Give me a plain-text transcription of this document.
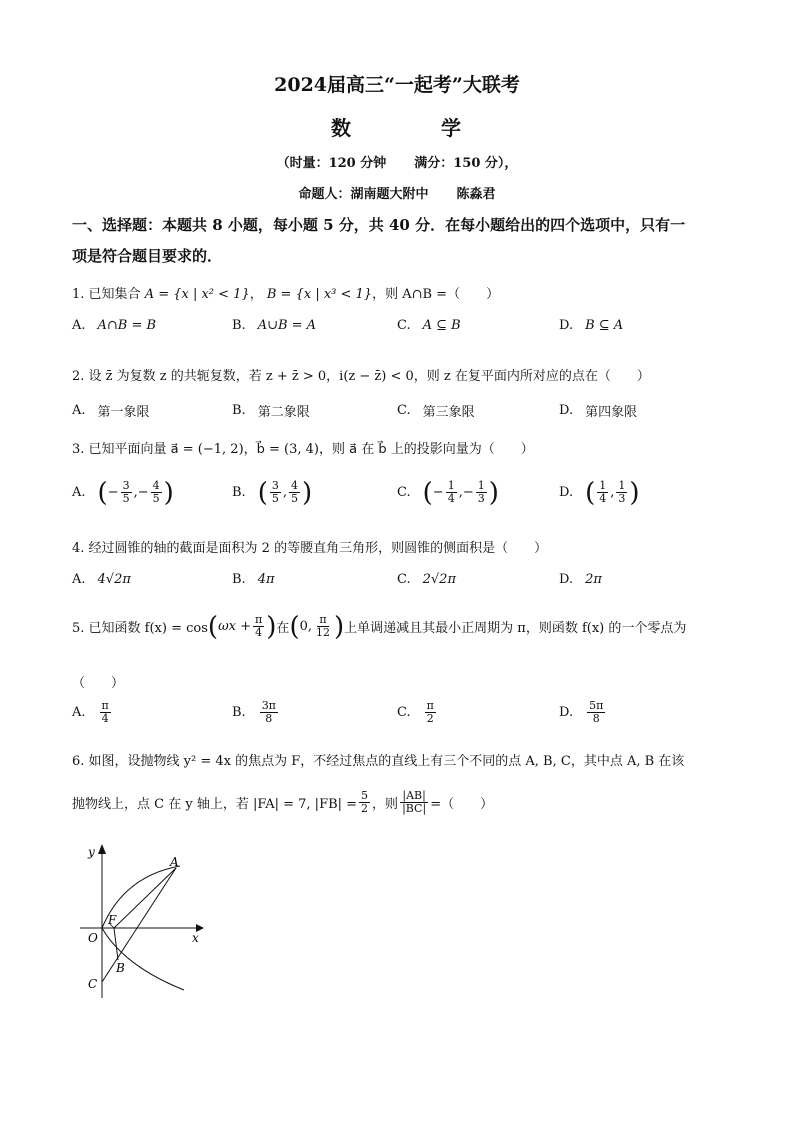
2024届高三“一起考”大联考
数	学
（时量：120 分钟 满分：150 分），
命题人：湖南题大附中 陈淼君
一、选择题：本题共 8 小题，每小题 5 分，共 40 分．在每小题给出的四个选项中，只有一
项是符合题目要求的．
1. 已知集合 A = {x | x² < 1}， B = {x | x³ < 1}，则 A∩B =（　　）
A. A∩B = B	B. A∪B = A	C. A ⊆ B	D. B ⊆ A
2. 设 z̄ 为复数 z 的共轭复数，若 z + z̄ > 0，i(z − z̄) < 0，则 z 在复平面内所对应的点在（　　）
A. 第一象限	B. 第二象限	C. 第三象限	D. 第四象限
3. 已知平面向量 a⃗ = (−1, 2)，b⃗ = (3, 4)，则 a⃗ 在 b⃗ 上的投影向量为（　　）
A. ( − $\frac{3}{5}$ , − $\frac{4}{5}$ )	B. ( $\frac{3}{5}$ , $\frac{4}{5}$ )	C. ( − $\frac{1}{4}$ , − $\frac{1}{3}$ )	D. ( $\frac{1}{4}$ , $\frac{1}{3}$ )
4. 经过圆锥的轴的截面是面积为 2 的等腰直角三角形，则圆锥的侧面积是（　　）
A. 4√2π	B. 4π	C. 2√2π	D. 2π
5. 已知函数 f(x) = cos ( $\omega x + \frac{\pi}{4}$ ) 在 ( 0, $\frac{\pi}{12}$ ) 上单调递减且其最小正周期为 π，则函数 f(x) 的一个零点为
（　　）
A. $\frac{\pi}{4}$	B. $\frac{3\pi}{8}$	C. $\frac{\pi}{2}$	D. $\frac{5\pi}{8}$
6. 如图，设抛物线 y² = 4x 的焦点为 F，不经过焦点的直线上有三个不同的点 A, B, C，其中点 A, B 在该
抛物线上，点 C 在 y 轴上，若 |FA| = 7, $|FB| = \frac{5}{2}$ ，则 $\frac{|AB|}{|BC|}$ =（　　）
y
x
O
F
A
B
C
